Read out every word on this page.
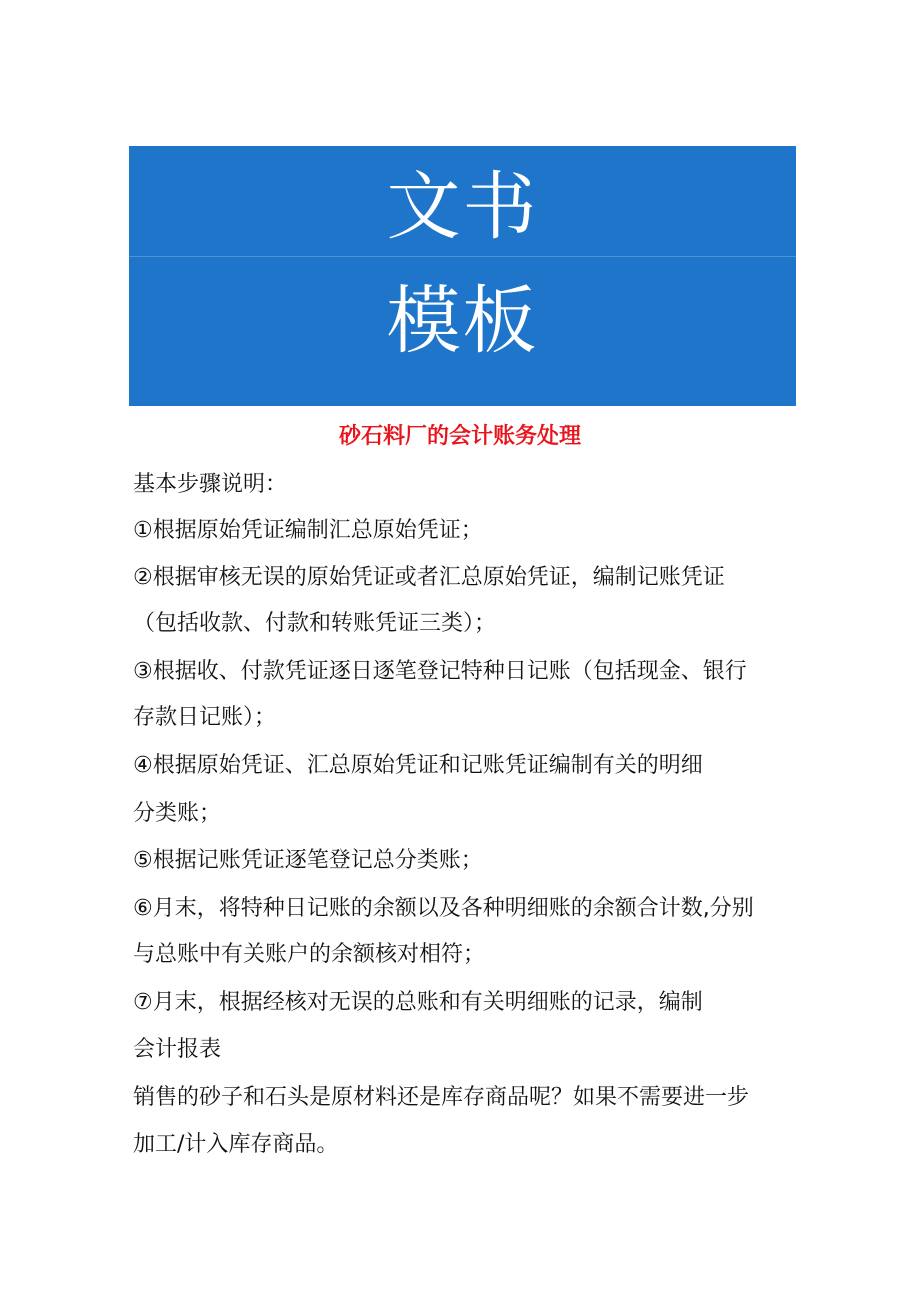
文书
模板
砂石料厂的会计账务处理
基本步骤说明：
①根据原始凭证编制汇总原始凭证；
②根据审核无误的原始凭证或者汇总原始凭证，编制记账凭证
（包括收款、付款和转账凭证三类）；
③根据收、付款凭证逐日逐笔登记特种日记账（包括现金、银行
存款日记账）；
④根据原始凭证、汇总原始凭证和记账凭证编制有关的明细
分类账；
⑤根据记账凭证逐笔登记总分类账；
⑥月末，将特种日记账的余额以及各种明细账的余额合计数,分别
与总账中有关账户的余额核对相符；
⑦月末，根据经核对无误的总账和有关明细账的记录，编制
会计报表
销售的砂子和石头是原材料还是库存商品呢？如果不需要进一步
加工/计入库存商品。
